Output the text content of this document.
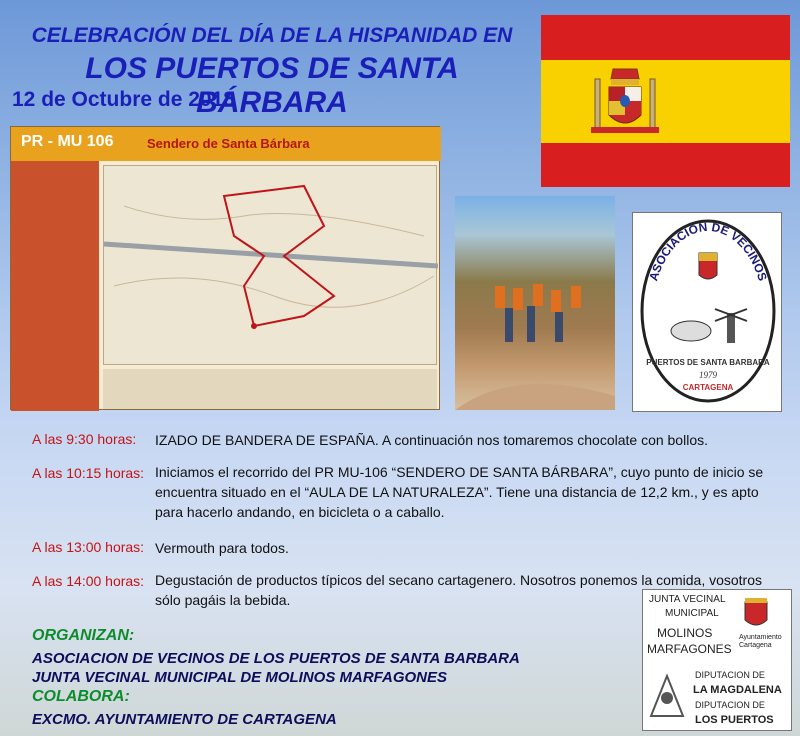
CELEBRACIÓN DEL DÍA DE LA HISPANIDAD EN
LOS PUERTOS DE SANTA BÁRBARA
12 de Octubre de 2018
PR - MU 106	Sendero de Santa Bárbara
ASOCIACION DE VECINOS
PUERTOS DE SANTA BARBARA
1979
CARTAGENA
A las 9:30 horas: IZADO DE BANDERA DE ESPAÑA. A continuación nos tomaremos chocolate con bollos.
A las 10:15 horas: Iniciamos el recorrido del PR MU-106 “SENDERO DE SANTA BÁRBARA”, cuyo punto de inicio se encuentra situado en el “AULA DE LA NATURALEZA”. Tiene una distancia de 12,2 km., y es apto para hacerlo andando, en bicicleta o a caballo.
A las 13:00 horas: Vermouth para todos.
A las 14:00 horas: Degustación de productos típicos del secano cartagenero. Nosotros ponemos la comida, vosotros sólo pagáis la bebida.
ORGANIZAN:
ASOCIACION DE VECINOS DE LOS PUERTOS DE SANTA BARBARA
JUNTA VECINAL MUNICIPAL DE MOLINOS MARFAGONES
COLABORA:
EXCMO. AYUNTAMIENTO DE CARTAGENA
JUNTA VECINAL
MUNICIPAL
MOLINOS
MARFAGONES
Ayuntamiento Cartagena
DIPUTACION DE
LA MAGDALENA
DIPUTACION DE
LOS PUERTOS
